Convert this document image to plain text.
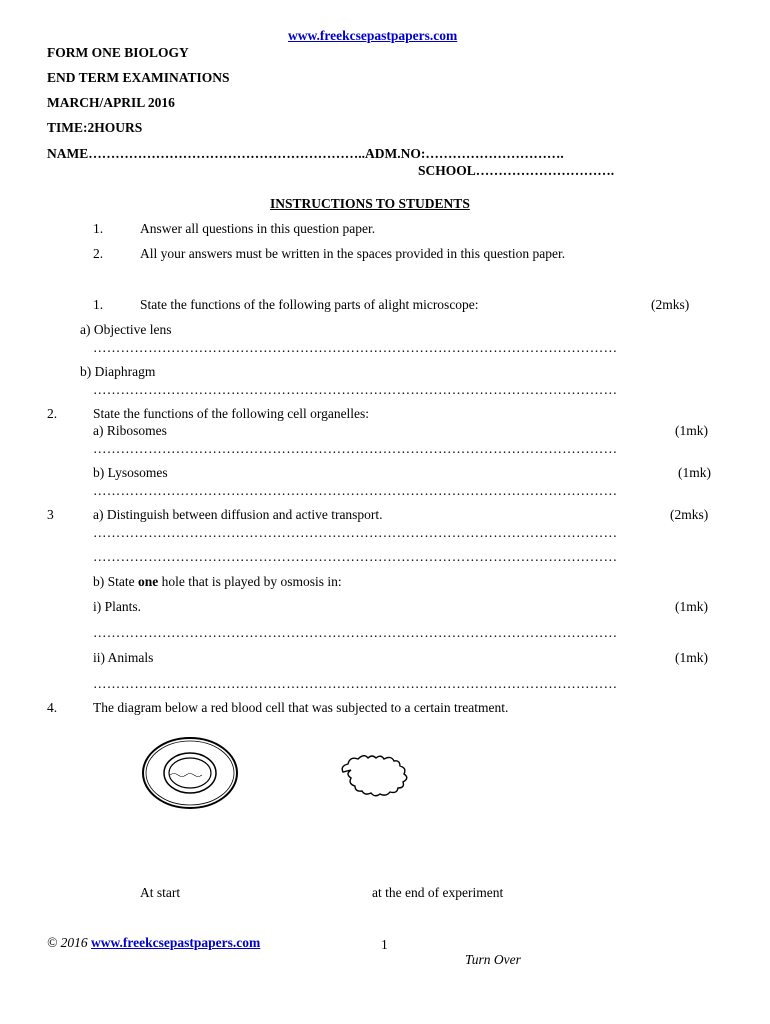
www.freekcsepastpapers.com
FORM ONE BIOLOGY
END TERM EXAMINATIONS
MARCH/APRIL 2016
TIME:2HOURS
NAME……………………………………………………..ADM.NO:………………………….
SCHOOL………………………….
INSTRUCTIONS TO STUDENTS
1.	Answer all questions in this question paper.
2.	All your answers must be written in the spaces provided in this question paper.
1.	State the functions of the following parts of alight microscope:	(2mks)
a) Objective lens
……………………………………………………………………………………………………
b) Diaphragm
……………………………………………………………………………………………………
2.	State the functions of the following cell organelles:
a) Ribosomes	(1mk)
……………………………………………………………………………………………………
b) Lysosomes	(1mk)
……………………………………………………………………………………………………
3	a) Distinguish between diffusion and active transport.	(2mks)
……………………………………………………………………………………………………
……………………………………………………………………………………………………
b) State one hole that is played by osmosis in:
i) Plants.	(1mk)
……………………………………………………………………………………………………
ii) Animals	(1mk)
……………………………………………………………………………………………………
4.	The diagram below a red blood cell that was subjected to a certain treatment.
At start	at the end of experiment
© 2016 www.freekcsepastpapers.com	1
Turn Over
